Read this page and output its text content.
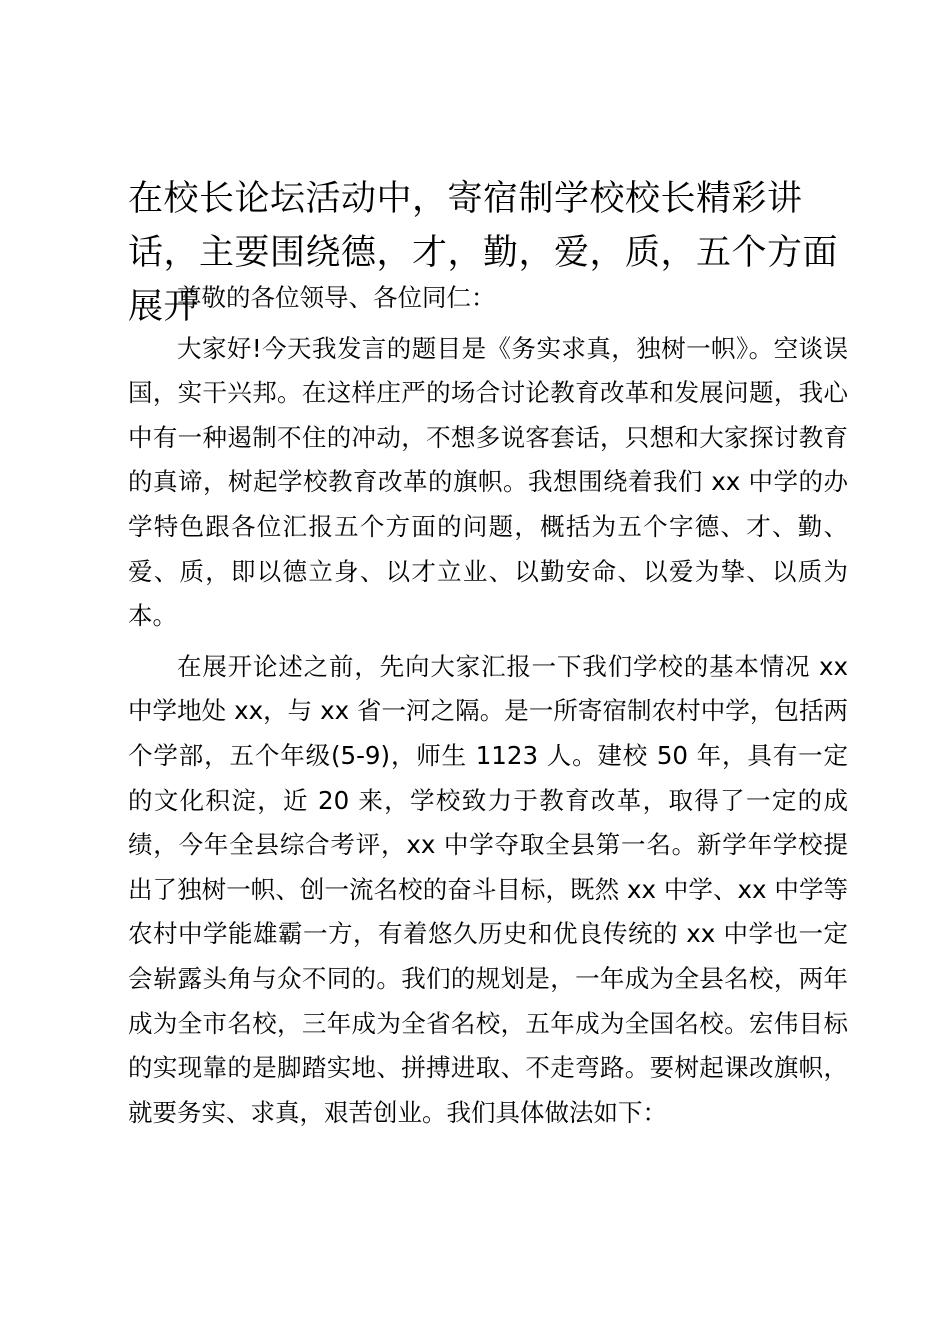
在校长论坛活动中，寄宿制学校校长精彩讲话，主要围绕德，才，勤，爱，质，五个方面展开

尊敬的各位领导、各位同仁：

大家好!今天我发言的题目是《务实求真，独树一帜》。空谈误国，实干兴邦。在这样庄严的场合讨论教育改革和发展问题，我心中有一种遏制不住的冲动，不想多说客套话，只想和大家探讨教育的真谛，树起学校教育改革的旗帜。我想围绕着我们 xx 中学的办学特色跟各位汇报五个方面的问题，概括为五个字德、才、勤、爱、质，即以德立身、以才立业、以勤安命、以爱为挚、以质为本。

在展开论述之前，先向大家汇报一下我们学校的基本情况 xx 中学地处 xx，与 xx 省一河之隔。是一所寄宿制农村中学，包括两个学部，五个年级(5-9)，师生 1123 人。建校 50 年，具有一定的文化积淀，近 20 来，学校致力于教育改革，取得了一定的成绩，今年全县综合考评，xx 中学夺取全县第一名。新学年学校提出了独树一帜、创一流名校的奋斗目标，既然 xx 中学、xx 中学等农村中学能雄霸一方，有着悠久历史和优良传统的 xx 中学也一定会崭露头角与众不同的。我们的规划是，一年成为全县名校，两年成为全市名校，三年成为全省名校，五年成为全国名校。宏伟目标的实现靠的是脚踏实地、拼搏进取、不走弯路。要树起课改旗帜，就要务实、求真，艰苦创业。我们具体做法如下：
